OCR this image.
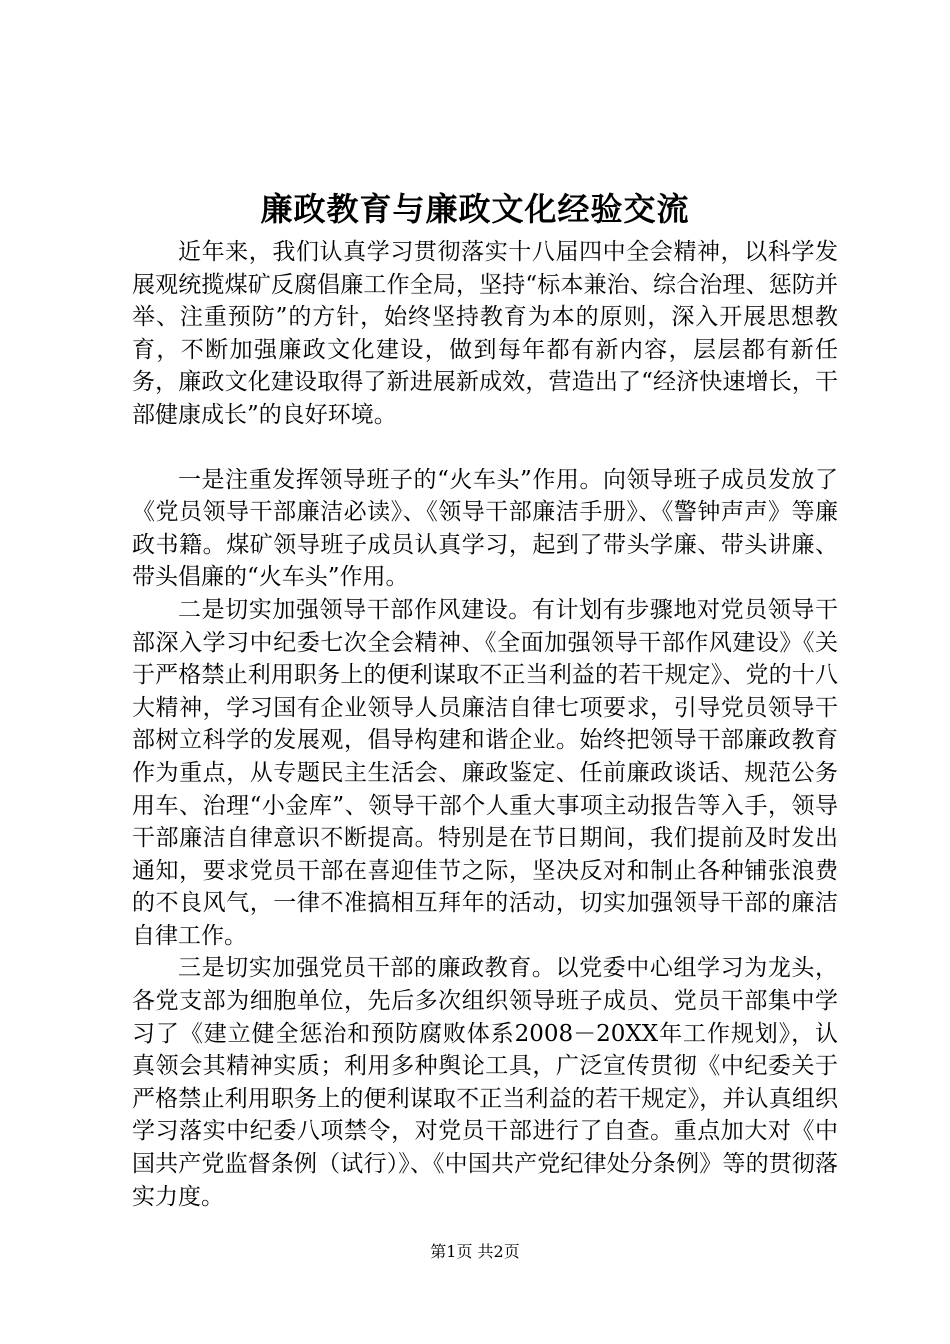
廉政教育与廉政文化经验交流

近年来，我们认真学习贯彻落实十八届四中全会精神，以科学发展观统揽煤矿反腐倡廉工作全局，坚持“标本兼治、综合治理、惩防并举、注重预防”的方针，始终坚持教育为本的原则，深入开展思想教育，不断加强廉政文化建设，做到每年都有新内容，层层都有新任务，廉政文化建设取得了新进展新成效，营造出了“经济快速增长，干部健康成长”的良好环境。

一是注重发挥领导班子的“火车头”作用。向领导班子成员发放了《党员领导干部廉洁必读》、《领导干部廉洁手册》、《警钟声声》等廉政书籍。煤矿领导班子成员认真学习，起到了带头学廉、带头讲廉、带头倡廉的“火车头”作用。

二是切实加强领导干部作风建设。有计划有步骤地对党员领导干部深入学习中纪委七次全会精神、《全面加强领导干部作风建设》《关于严格禁止利用职务上的便利谋取不正当利益的若干规定》、党的十八大精神，学习国有企业领导人员廉洁自律七项要求，引导党员领导干部树立科学的发展观，倡导构建和谐企业。始终把领导干部廉政教育作为重点，从专题民主生活会、廉政鉴定、任前廉政谈话、规范公务用车、治理“小金库”、领导干部个人重大事项主动报告等入手，领导干部廉洁自律意识不断提高。特别是在节日期间，我们提前及时发出通知，要求党员干部在喜迎佳节之际，坚决反对和制止各种铺张浪费的不良风气，一律不准搞相互拜年的活动，切实加强领导干部的廉洁自律工作。

三是切实加强党员干部的廉政教育。以党委中心组学习为龙头，各党支部为细胞单位，先后多次组织领导班子成员、党员干部集中学习了《建立健全惩治和预防腐败体系2008－20XX年工作规划》，认真领会其精神实质；利用多种舆论工具，广泛宣传贯彻《中纪委关于严格禁止利用职务上的便利谋取不正当利益的若干规定》，并认真组织学习落实中纪委八项禁令，对党员干部进行了自查。重点加大对《中国共产党监督条例（试行）》、《中国共产党纪律处分条例》等的贯彻落实力度。

第1页 共2页
